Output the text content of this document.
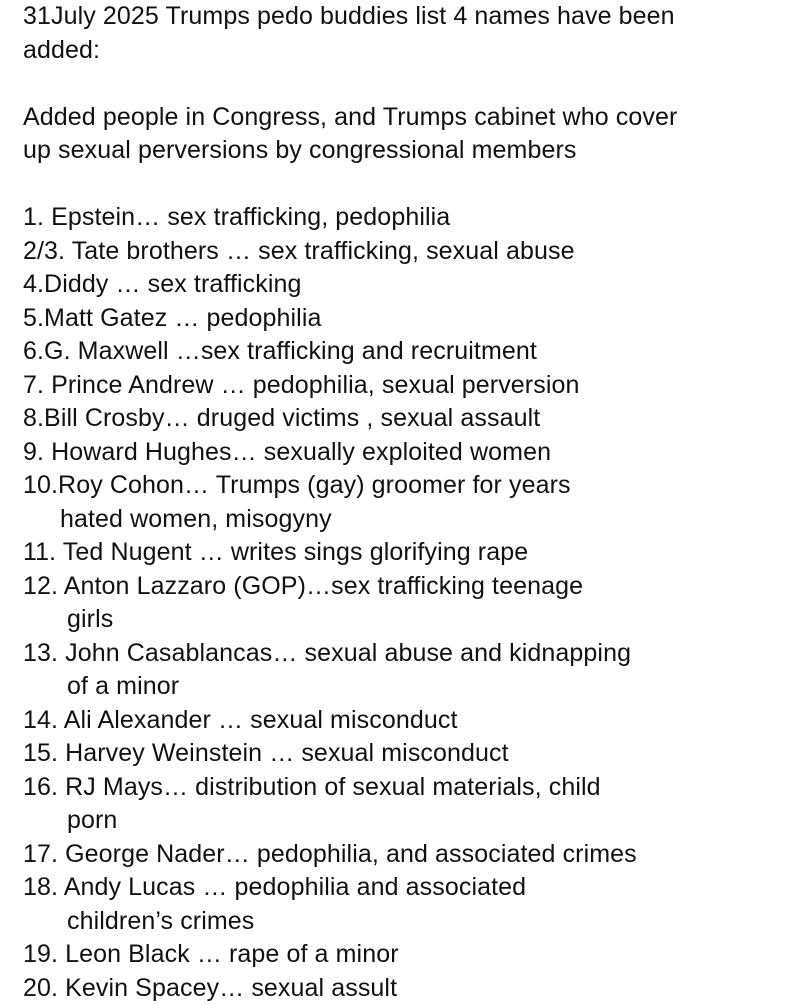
31July 2025 Trumps pedo buddies list 4 names have been
added:
Added people in Congress, and Trumps cabinet who cover
up sexual perversions by congressional members
1. Epstein… sex trafficking, pedophilia
2/3. Tate brothers … sex trafficking, sexual abuse
4.Diddy … sex trafficking
5.Matt Gatez … pedophilia
6.G. Maxwell …sex trafficking and recruitment
7. Prince Andrew … pedophilia, sexual perversion
8.Bill Crosby… druged victims , sexual assault
9. Howard Hughes… sexually exploited women
10.Roy Cohon… Trumps (gay) groomer for years
hated women, misogyny
11. Ted Nugent … writes sings glorifying rape
12. Anton Lazzaro (GOP)…sex trafficking teenage
girls
13. John Casablancas… sexual abuse and kidnapping
of a minor
14. Ali Alexander … sexual misconduct
15. Harvey Weinstein … sexual misconduct
16. RJ Mays… distribution of sexual materials, child
porn
17. George Nader… pedophilia, and associated crimes
18. Andy Lucas … pedophilia and associated
children’s crimes
19. Leon Black … rape of a minor
20. Kevin Spacey… sexual assult
